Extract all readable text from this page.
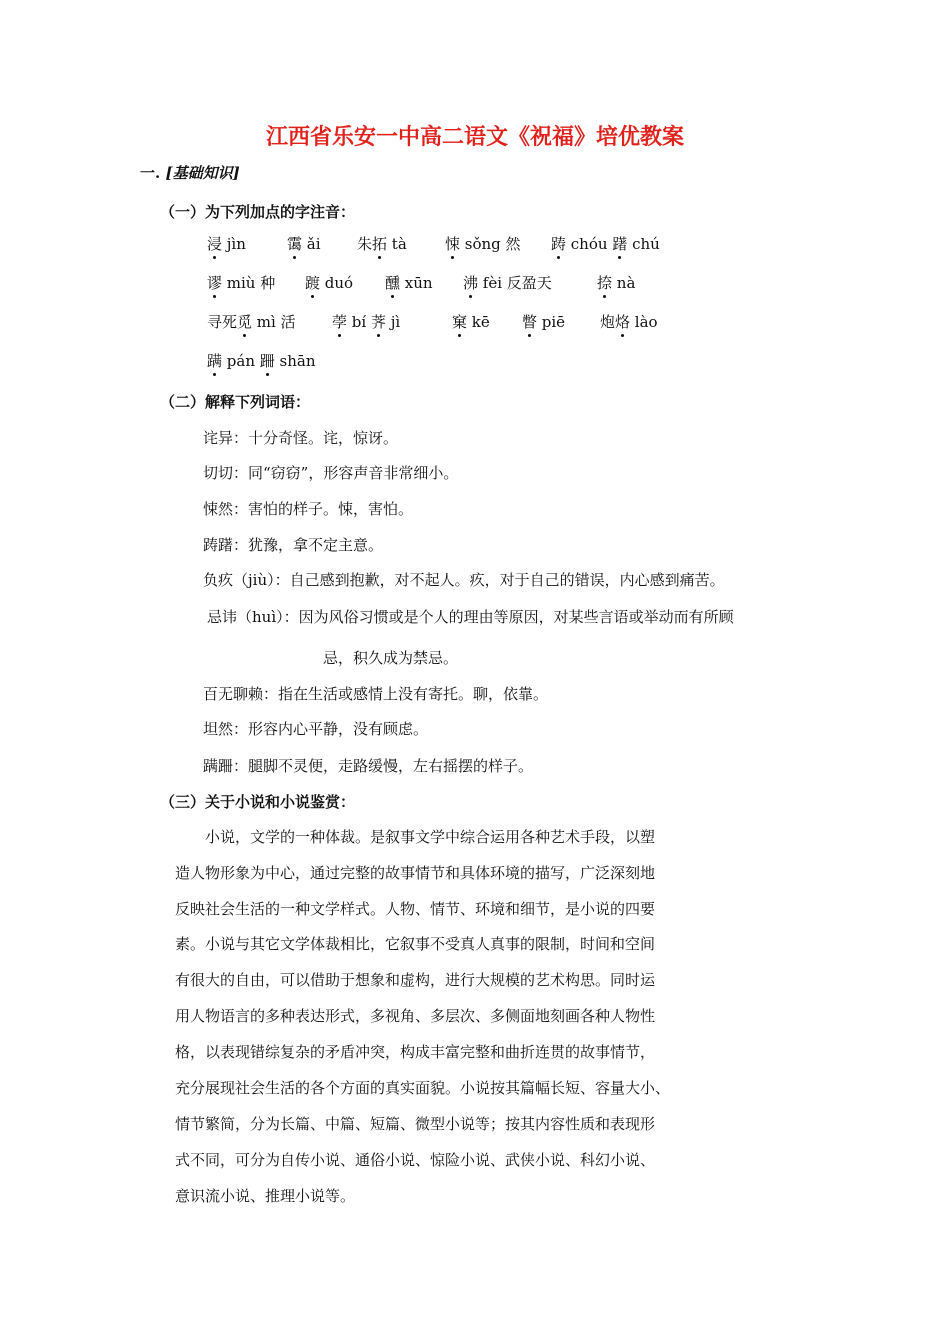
江西省乐安一中高二语文《祝福》培优教案
一. [基础知识]
（一）为下列加点的字注音：
浸 jìn	霭 ǎi 朱拓 tà	悚 sǒng 然 踌 chóu 躇 chú
谬 miù 种 踱 duó 醺 xūn 沸 fèi 反盈天	捺 nà
寻死觅 mì 活 荸 bí 荠 jì	窠 kē 瞥 piē 炮烙 lào
蹒 pán 跚 shān
（二）解释下列词语：
诧异：十分奇怪。诧，惊讶。
切切：同“窃窃”，形容声音非常细小。
悚然：害怕的样子。悚，害怕。
踌躇：犹豫，拿不定主意。
负疚（jiù）：自己感到抱歉，对不起人。疚，对于自己的错误，内心感到痛苦。
忌讳（huì）：因为风俗习惯或是个人的理由等原因，对某些言语或举动而有所顾
忌，积久成为禁忌。
百无聊赖：指在生活或感情上没有寄托。聊，依靠。
坦然：形容内心平静，没有顾虑。
蹒跚：腿脚不灵便，走路缓慢，左右摇摆的样子。
（三）关于小说和小说鉴赏：
小说，文学的一种体裁。是叙事文学中综合运用各种艺术手段，以塑
造人物形象为中心，通过完整的故事情节和具体环境的描写，广泛深刻地
反映社会生活的一种文学样式。人物、情节、环境和细节，是小说的四要
素。小说与其它文学体裁相比，它叙事不受真人真事的限制，时间和空间
有很大的自由，可以借助于想象和虚构，进行大规模的艺术构思。同时运
用人物语言的多种表达形式，多视角、多层次、多侧面地刻画各种人物性
格，以表现错综复杂的矛盾冲突，构成丰富完整和曲折连贯的故事情节，
充分展现社会生活的各个方面的真实面貌。小说按其篇幅长短、容量大小、
情节繁简，分为长篇、中篇、短篇、微型小说等；按其内容性质和表现形
式不同，可分为自传小说、通俗小说、惊险小说、武侠小说、科幻小说、
意识流小说、推理小说等。
